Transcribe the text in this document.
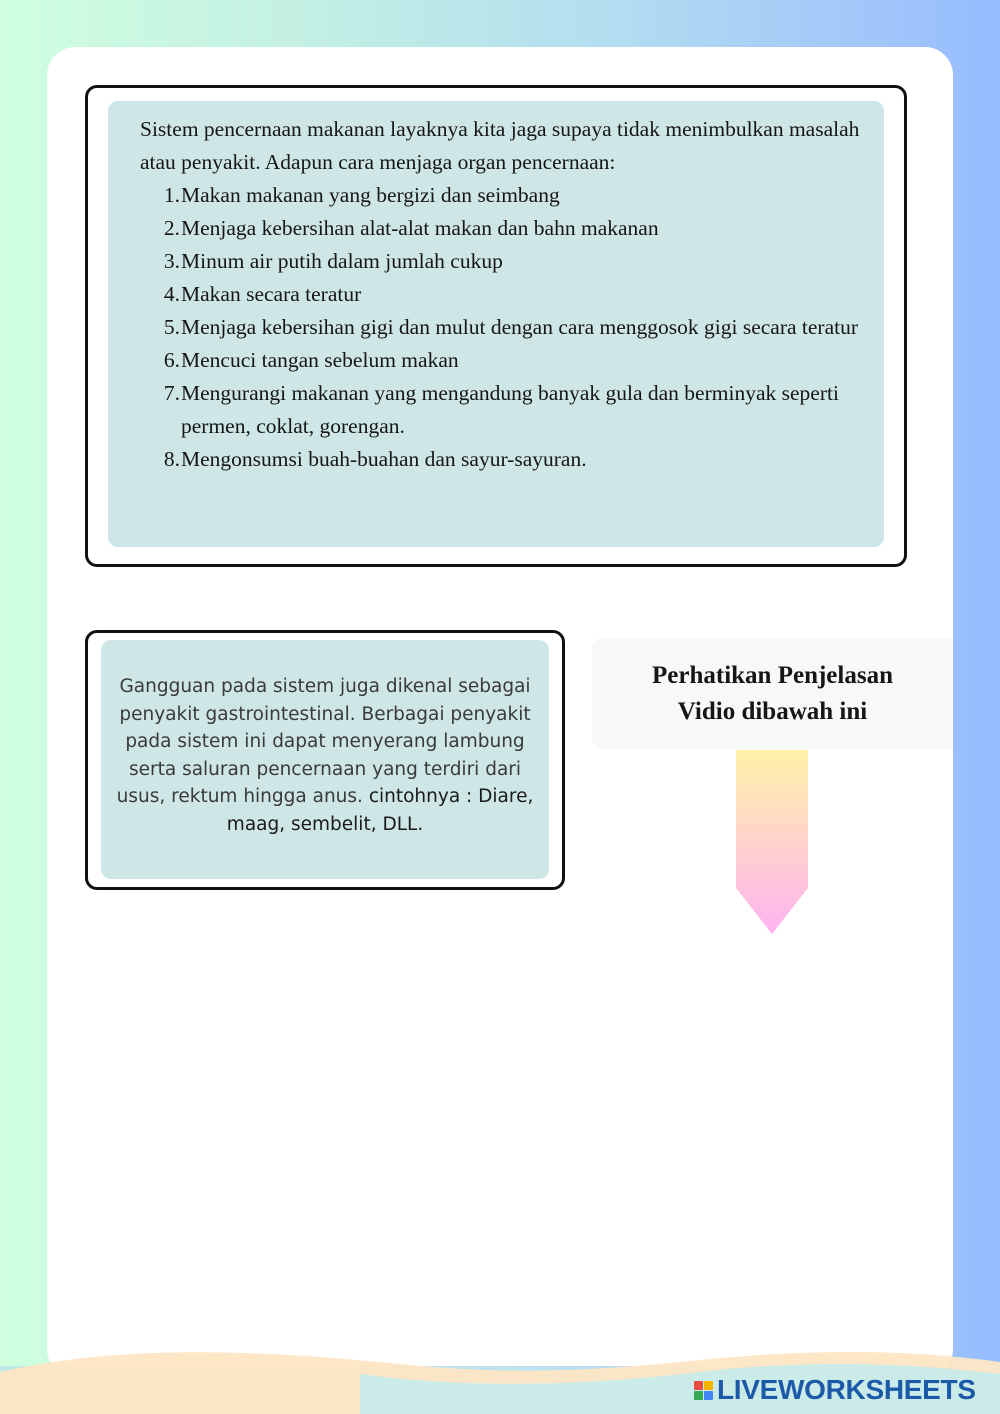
Sistem pencernaan makanan layaknya kita jaga supaya tidak menimbulkan masalah atau penyakit. Adapun cara menjaga organ pencernaan:

1. Makan makanan yang bergizi dan seimbang
2. Menjaga kebersihan alat-alat makan dan bahn makanan
3. Minum air putih dalam jumlah cukup
4. Makan secara teratur
5. Menjaga kebersihan gigi dan mulut dengan cara menggosok gigi secara teratur
6. Mencuci tangan sebelum makan
7. Mengurangi makanan yang mengandung banyak gula dan berminyak seperti permen, coklat, gorengan.
8. Mengonsumsi buah-buahan dan sayur-sayuran.

Gangguan pada sistem juga dikenal sebagai penyakit gastrointestinal. Berbagai penyakit pada sistem ini dapat menyerang lambung serta saluran pencernaan yang terdiri dari usus, rektum hingga anus. cintohnya : Diare, maag, sembelit, DLL.

Perhatikan Penjelasan
Vidio dibawah ini
LIVEWORKSHEETS
